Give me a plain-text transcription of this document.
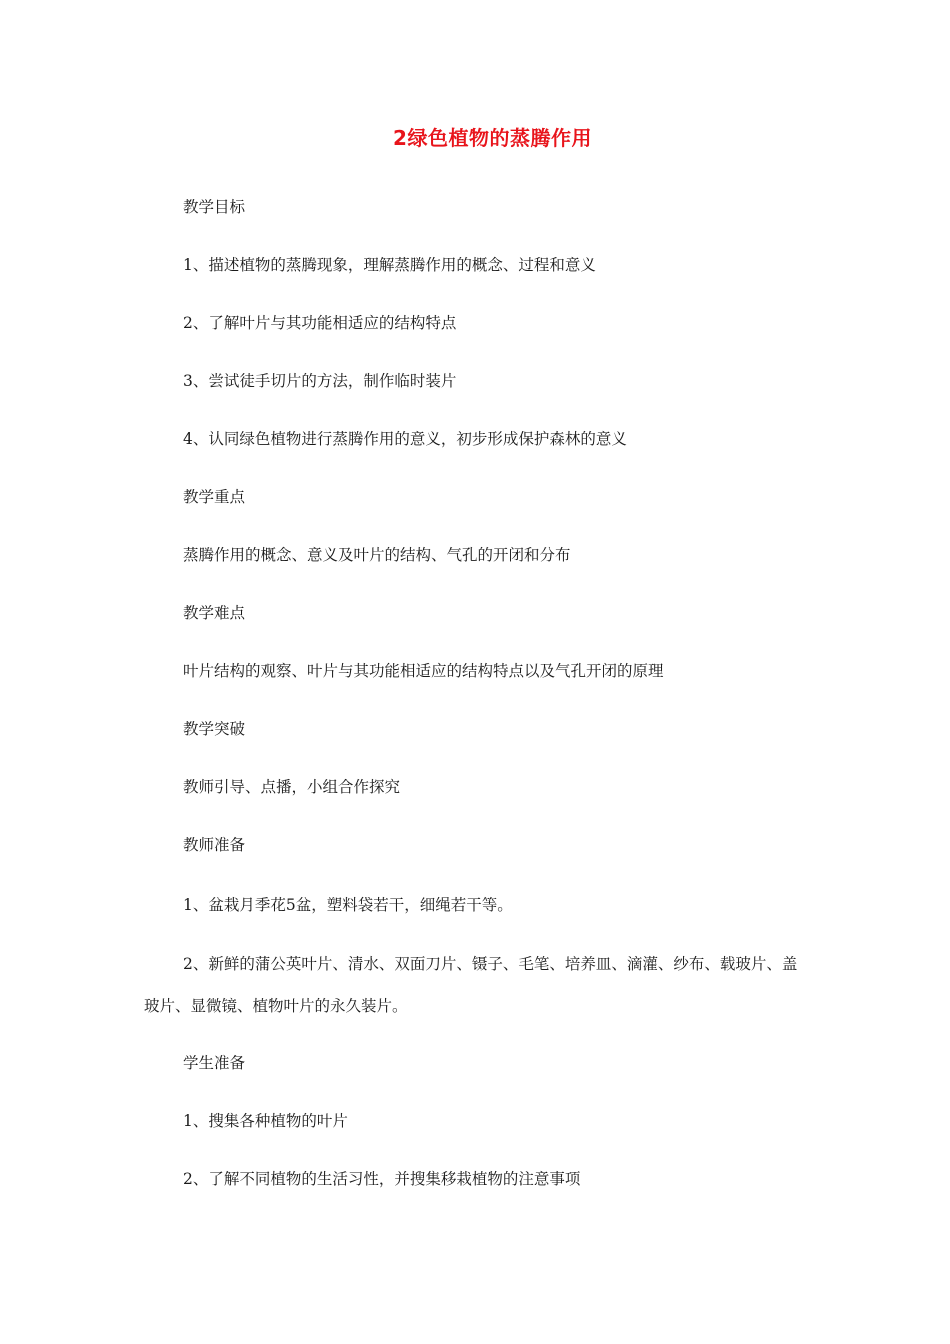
2绿色植物的蒸腾作用
教学目标
1、描述植物的蒸腾现象，理解蒸腾作用的概念、过程和意义
2、了解叶片与其功能相适应的结构特点
3、尝试徒手切片的方法，制作临时装片
4、认同绿色植物进行蒸腾作用的意义，初步形成保护森林的意义
教学重点
蒸腾作用的概念、意义及叶片的结构、气孔的开闭和分布
教学难点
叶片结构的观察、叶片与其功能相适应的结构特点以及气孔开闭的原理
教学突破
教师引导、点播，小组合作探究
教师准备
1、盆栽月季花5盆，塑料袋若干，细绳若干等。
2、新鲜的蒲公英叶片、清水、双面刀片、镊子、毛笔、培养皿、滴灌、纱布、载玻片、盖玻片、显微镜、植物叶片的永久装片。
学生准备
1、搜集各种植物的叶片
2、了解不同植物的生活习性，并搜集移栽植物的注意事项
